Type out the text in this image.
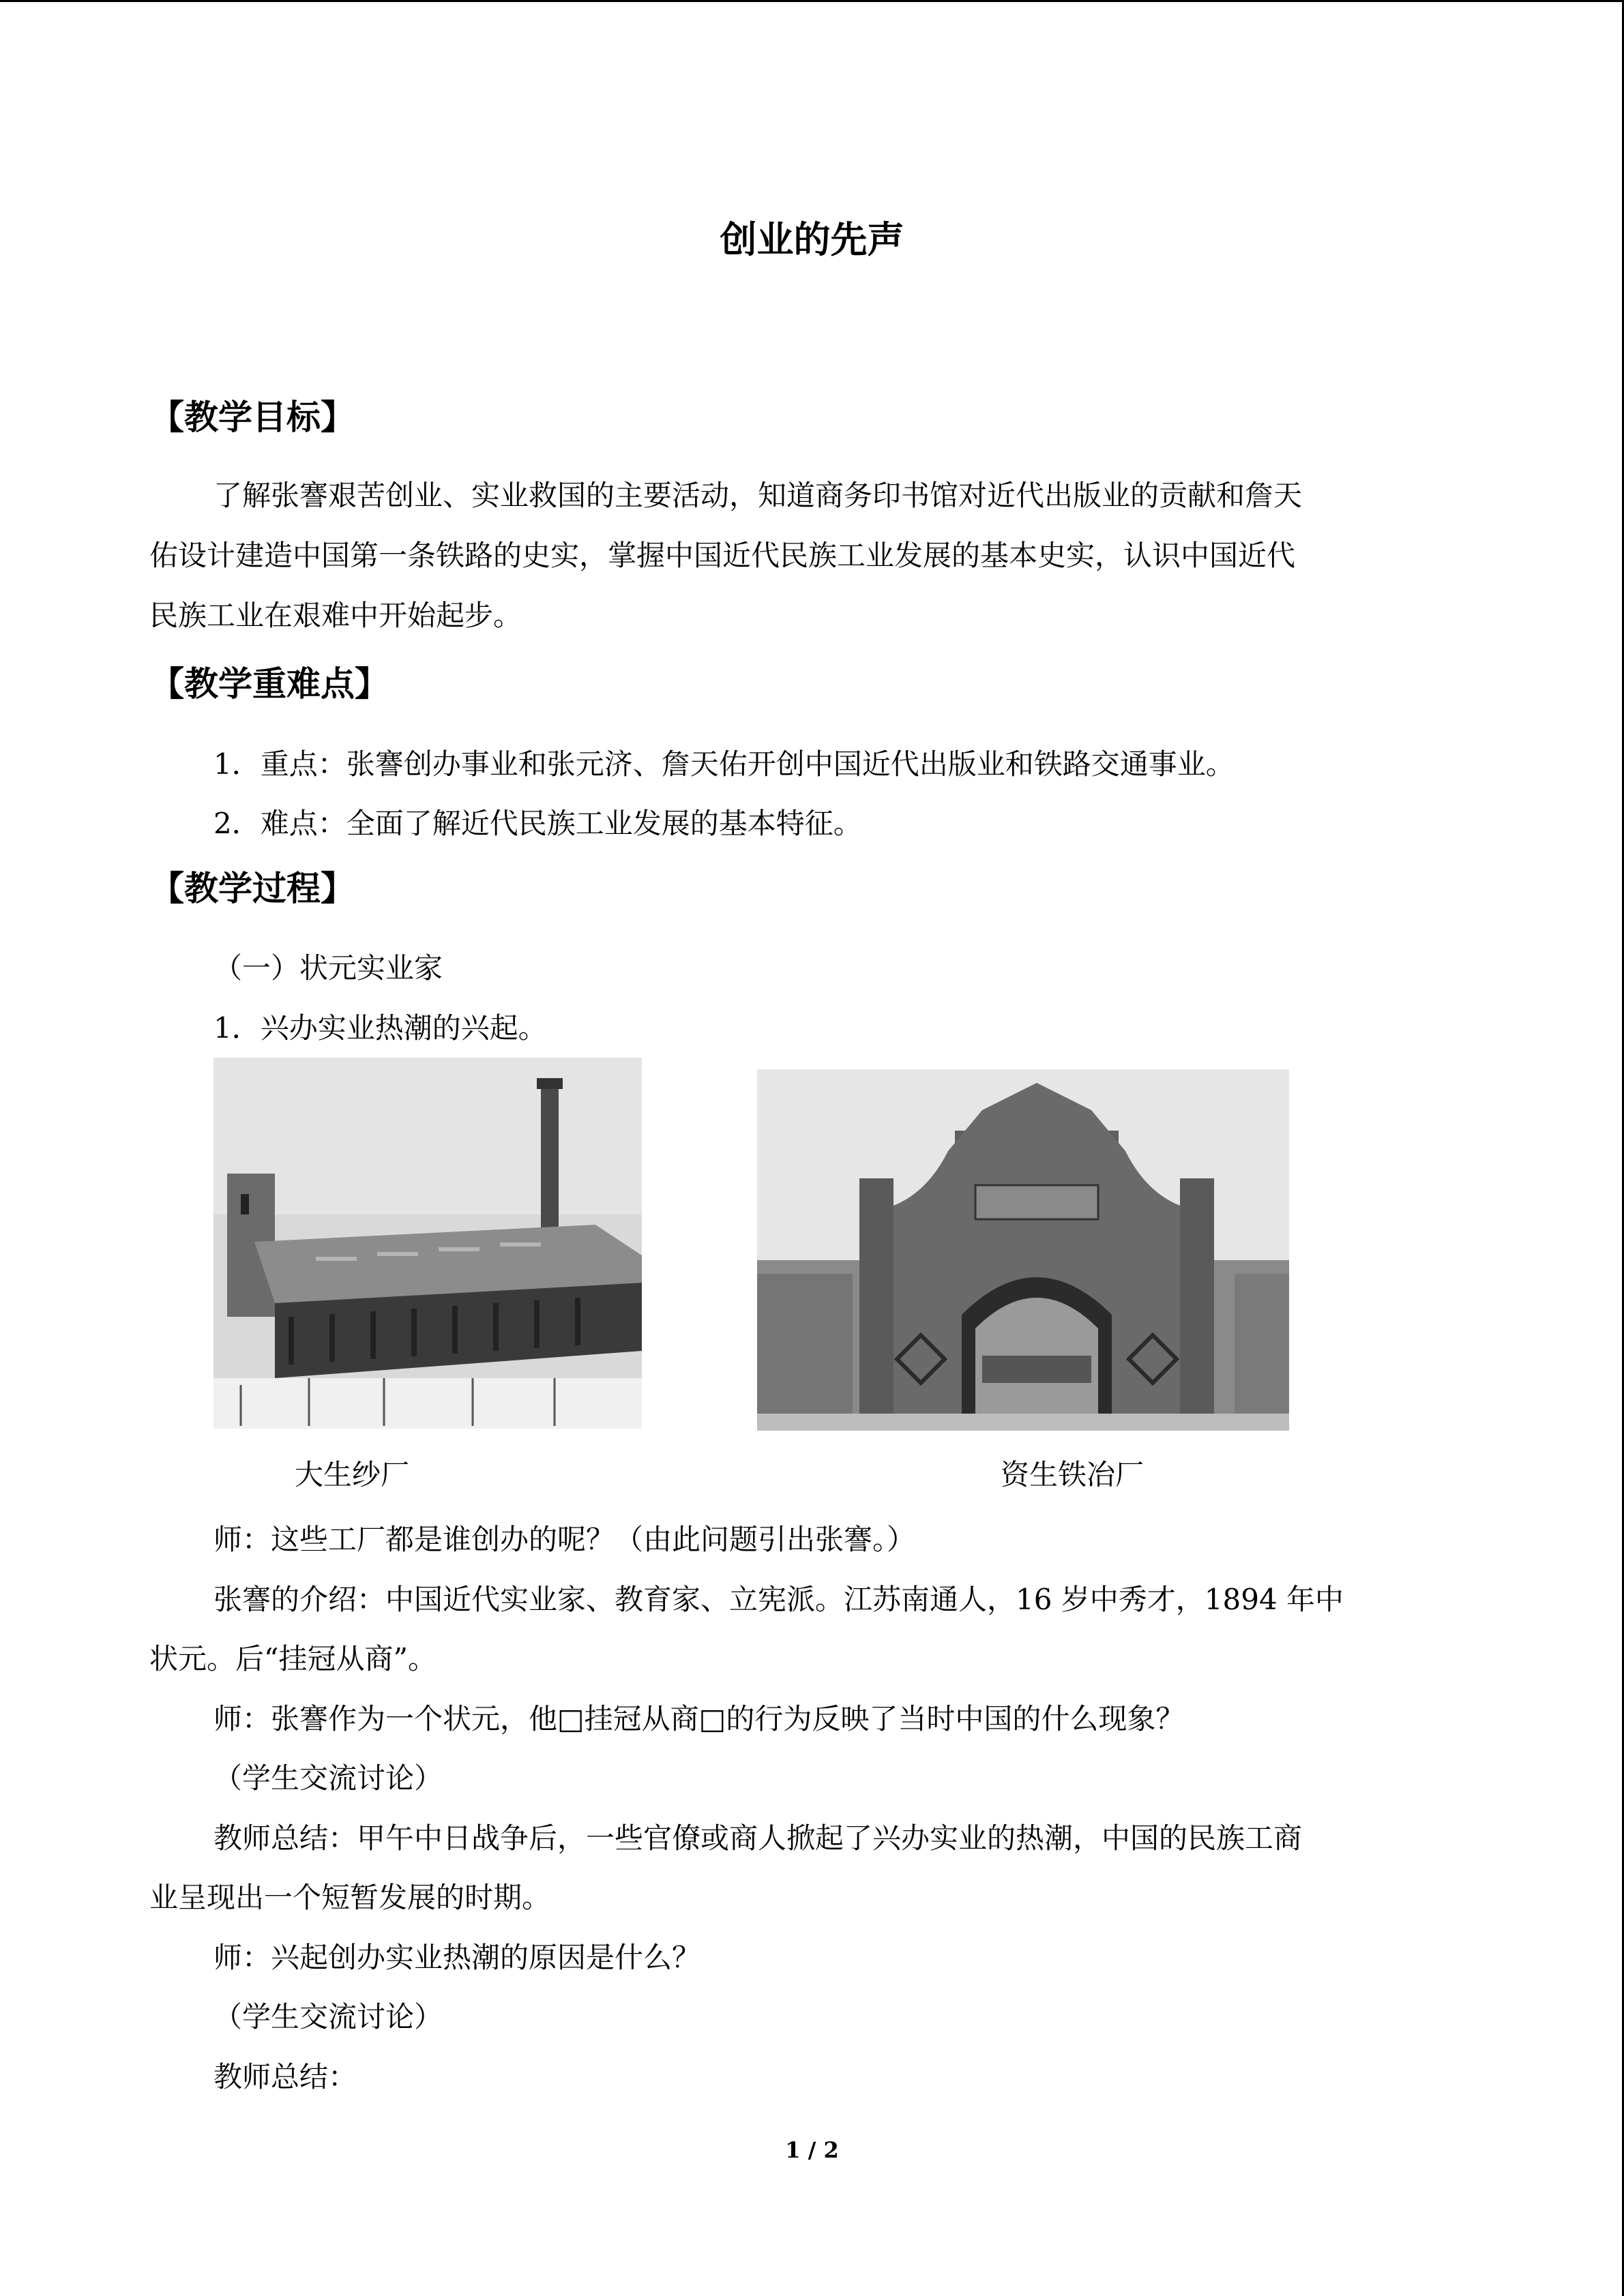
创业的先声
【教学目标】

了解张謇艰苦创业、实业救国的主要活动，知道商务印书馆对近代出版业的贡献和詹天

佑设计建造中国第一条铁路的史实，掌握中国近代民族工业发展的基本史实，认识中国近代

民族工业在艰难中开始起步。

【教学重难点】

1．重点：张謇创办事业和张元济、詹天佑开创中国近代出版业和铁路交通事业。

2．难点：全面了解近代民族工业发展的基本特征。

【教学过程】

（一）状元实业家

1．兴办实业热潮的兴起。

大生纱厂	资生铁冶厂

师：这些工厂都是谁创办的呢？（由此问题引出张謇。）

张謇的介绍：中国近代实业家、教育家、立宪派。江苏南通人，16 岁中秀才，1894 年中

状元。后“挂冠从商”。

师：张謇作为一个状元，他□挂冠从商□的行为反映了当时中国的什么现象？

（学生交流讨论）

教师总结：甲午中日战争后，一些官僚或商人掀起了兴办实业的热潮，中国的民族工商

业呈现出一个短暂发展的时期。

师：兴起创办实业热潮的原因是什么？

（学生交流讨论）

教师总结：

1 / 2
